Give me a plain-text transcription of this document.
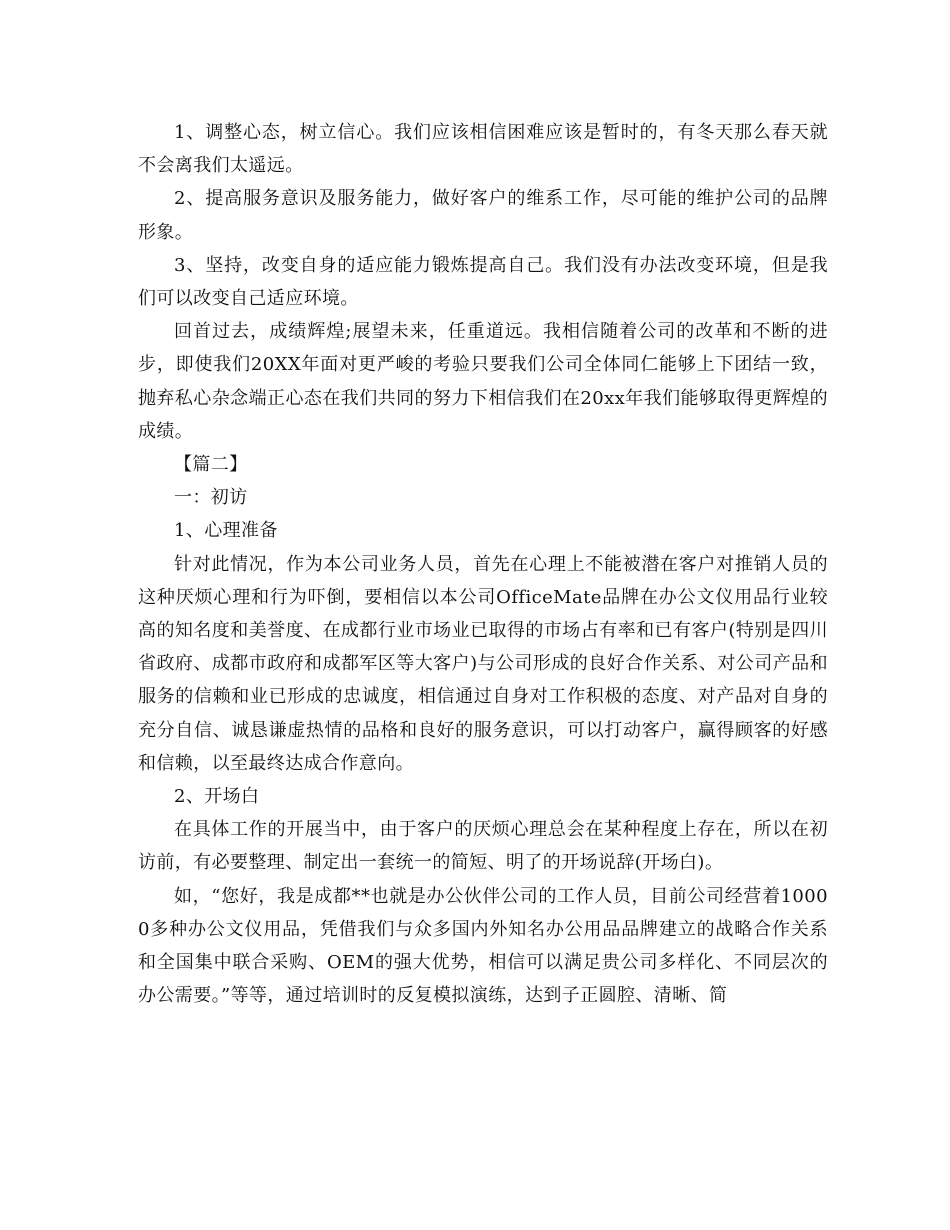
1、调整心态，树立信心。我们应该相信困难应该是暂时的，有冬天那么春天就不会离我们太遥远。

2、提高服务意识及服务能力，做好客户的维系工作，尽可能的维护公司的品牌形象。

3、坚持，改变自身的适应能力锻炼提高自己。我们没有办法改变环境，但是我们可以改变自己适应环境。

回首过去，成绩辉煌;展望未来，任重道远。我相信随着公司的改革和不断的进步，即使我们20XX年面对更严峻的考验只要我们公司全体同仁能够上下团结一致，抛弃私心杂念端正心态在我们共同的努力下相信我们在20xx年我们能够取得更辉煌的成绩。

【篇二】

一：初访

1、心理准备

针对此情况，作为本公司业务人员，首先在心理上不能被潜在客户对推销人员的这种厌烦心理和行为吓倒，要相信以本公司OfficeMate品牌在办公文仪用品行业较高的知名度和美誉度、在成都行业市场业已取得的市场占有率和已有客户(特别是四川省政府、成都市政府和成都军区等大客户)与公司形成的良好合作关系、对公司产品和服务的信赖和业已形成的忠诚度，相信通过自身对工作积极的态度、对产品对自身的充分自信、诚恳谦虚热情的品格和良好的服务意识，可以打动客户，赢得顾客的好感和信赖，以至最终达成合作意向。

2、开场白

在具体工作的开展当中，由于客户的厌烦心理总会在某种程度上存在，所以在初访前，有必要整理、制定出一套统一的简短、明了的开场说辞(开场白)。

如，“您好，我是成都**也就是办公伙伴公司的工作人员，目前公司经营着10000多种办公文仪用品，凭借我们与众多国内外知名办公用品品牌建立的战略合作关系和全国集中联合采购、OEM的强大优势，相信可以满足贵公司多样化、不同层次的办公需要。”等等，通过培训时的反复模拟演练，达到子正圆腔、清晰、简
